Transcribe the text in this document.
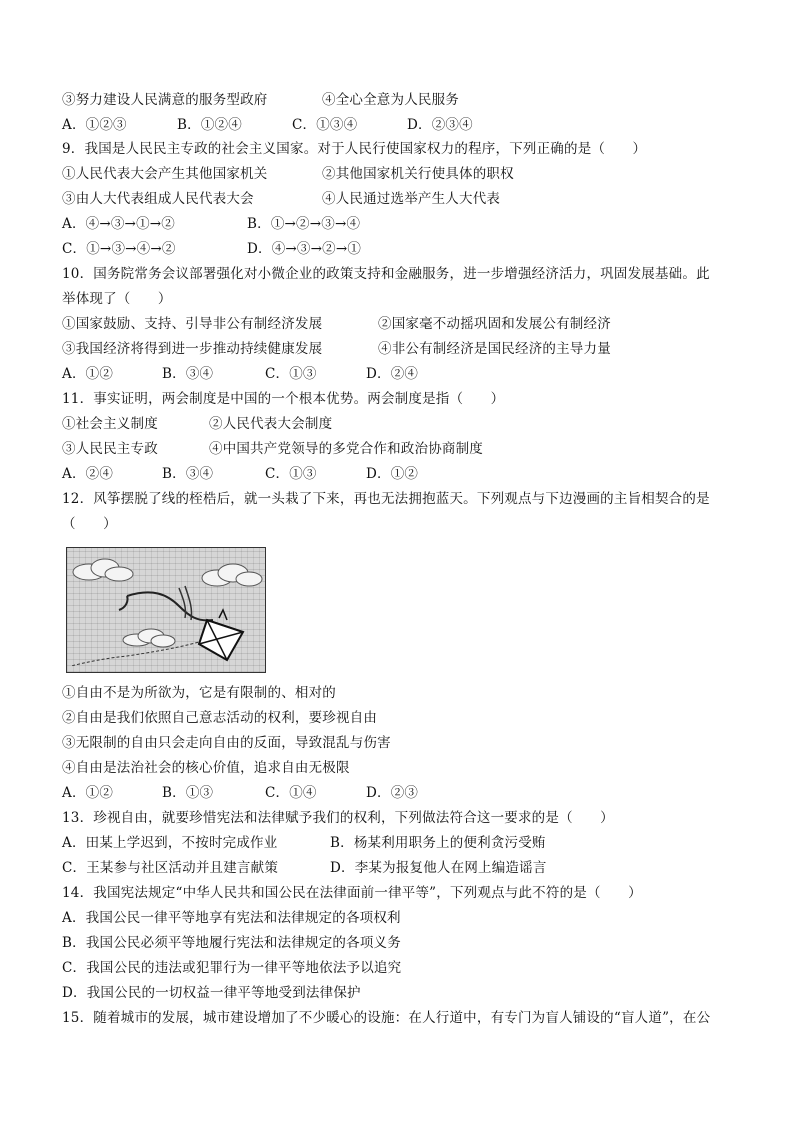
③努力建设人民满意的服务型政府	④全心全意为人民服务
A．①②③	B．①②④	C．①③④	D．②③④
9．我国是人民民主专政的社会主义国家。对于人民行使国家权力的程序，下列正确的是（　　）
①人民代表大会产生其他国家机关	②其他国家机关行使具体的职权
③由人大代表组成人民代表大会	④人民通过选举产生人大代表
A．④→③→①→②	B．①→②→③→④
C．①→③→④→②	D．④→③→②→①
10．国务院常务会议部署强化对小微企业的政策支持和金融服务，进一步增强经济活力，巩固发展基础。此
举体现了（　　）
①国家鼓励、支持、引导非公有制经济发展	②国家毫不动摇巩固和发展公有制经济
③我国经济将得到进一步推动持续健康发展	④非公有制经济是国民经济的主导力量
A．①②	B．③④	C．①③	D．②④
11．事实证明，两会制度是中国的一个根本优势。两会制度是指（　　）
①社会主义制度	②人民代表大会制度
③人民民主专政	④中国共产党领导的多党合作和政治协商制度
A．②④	B．③④	C．①③	D．①②
12．风筝摆脱了线的桎梏后，就一头栽了下来，再也无法拥抱蓝天。下列观点与下边漫画的主旨相契合的是
（　　）
①自由不是为所欲为，它是有限制的、相对的
②自由是我们依照自己意志活动的权利，要珍视自由
③无限制的自由只会走向自由的反面，导致混乱与伤害
④自由是法治社会的核心价值，追求自由无极限
A．①②	B．①③	C．①④	D．②③
13．珍视自由，就要珍惜宪法和法律赋予我们的权利，下列做法符合这一要求的是（　　）
A．田某上学迟到，不按时完成作业	B．杨某利用职务上的便利贪污受贿
C．王某参与社区活动并且建言献策	D．李某为报复他人在网上编造谣言
14．我国宪法规定“中华人民共和国公民在法律面前一律平等”，下列观点与此不符的是（　　）
A．我国公民一律平等地享有宪法和法律规定的各项权利
B．我国公民必须平等地履行宪法和法律规定的各项义务
C．我国公民的违法或犯罪行为一律平等地依法予以追究
D．我国公民的一切权益一律平等地受到法律保护
15．随着城市的发展，城市建设增加了不少暖心的设施：在人行道中，有专门为盲人铺设的“盲人道”，在公
